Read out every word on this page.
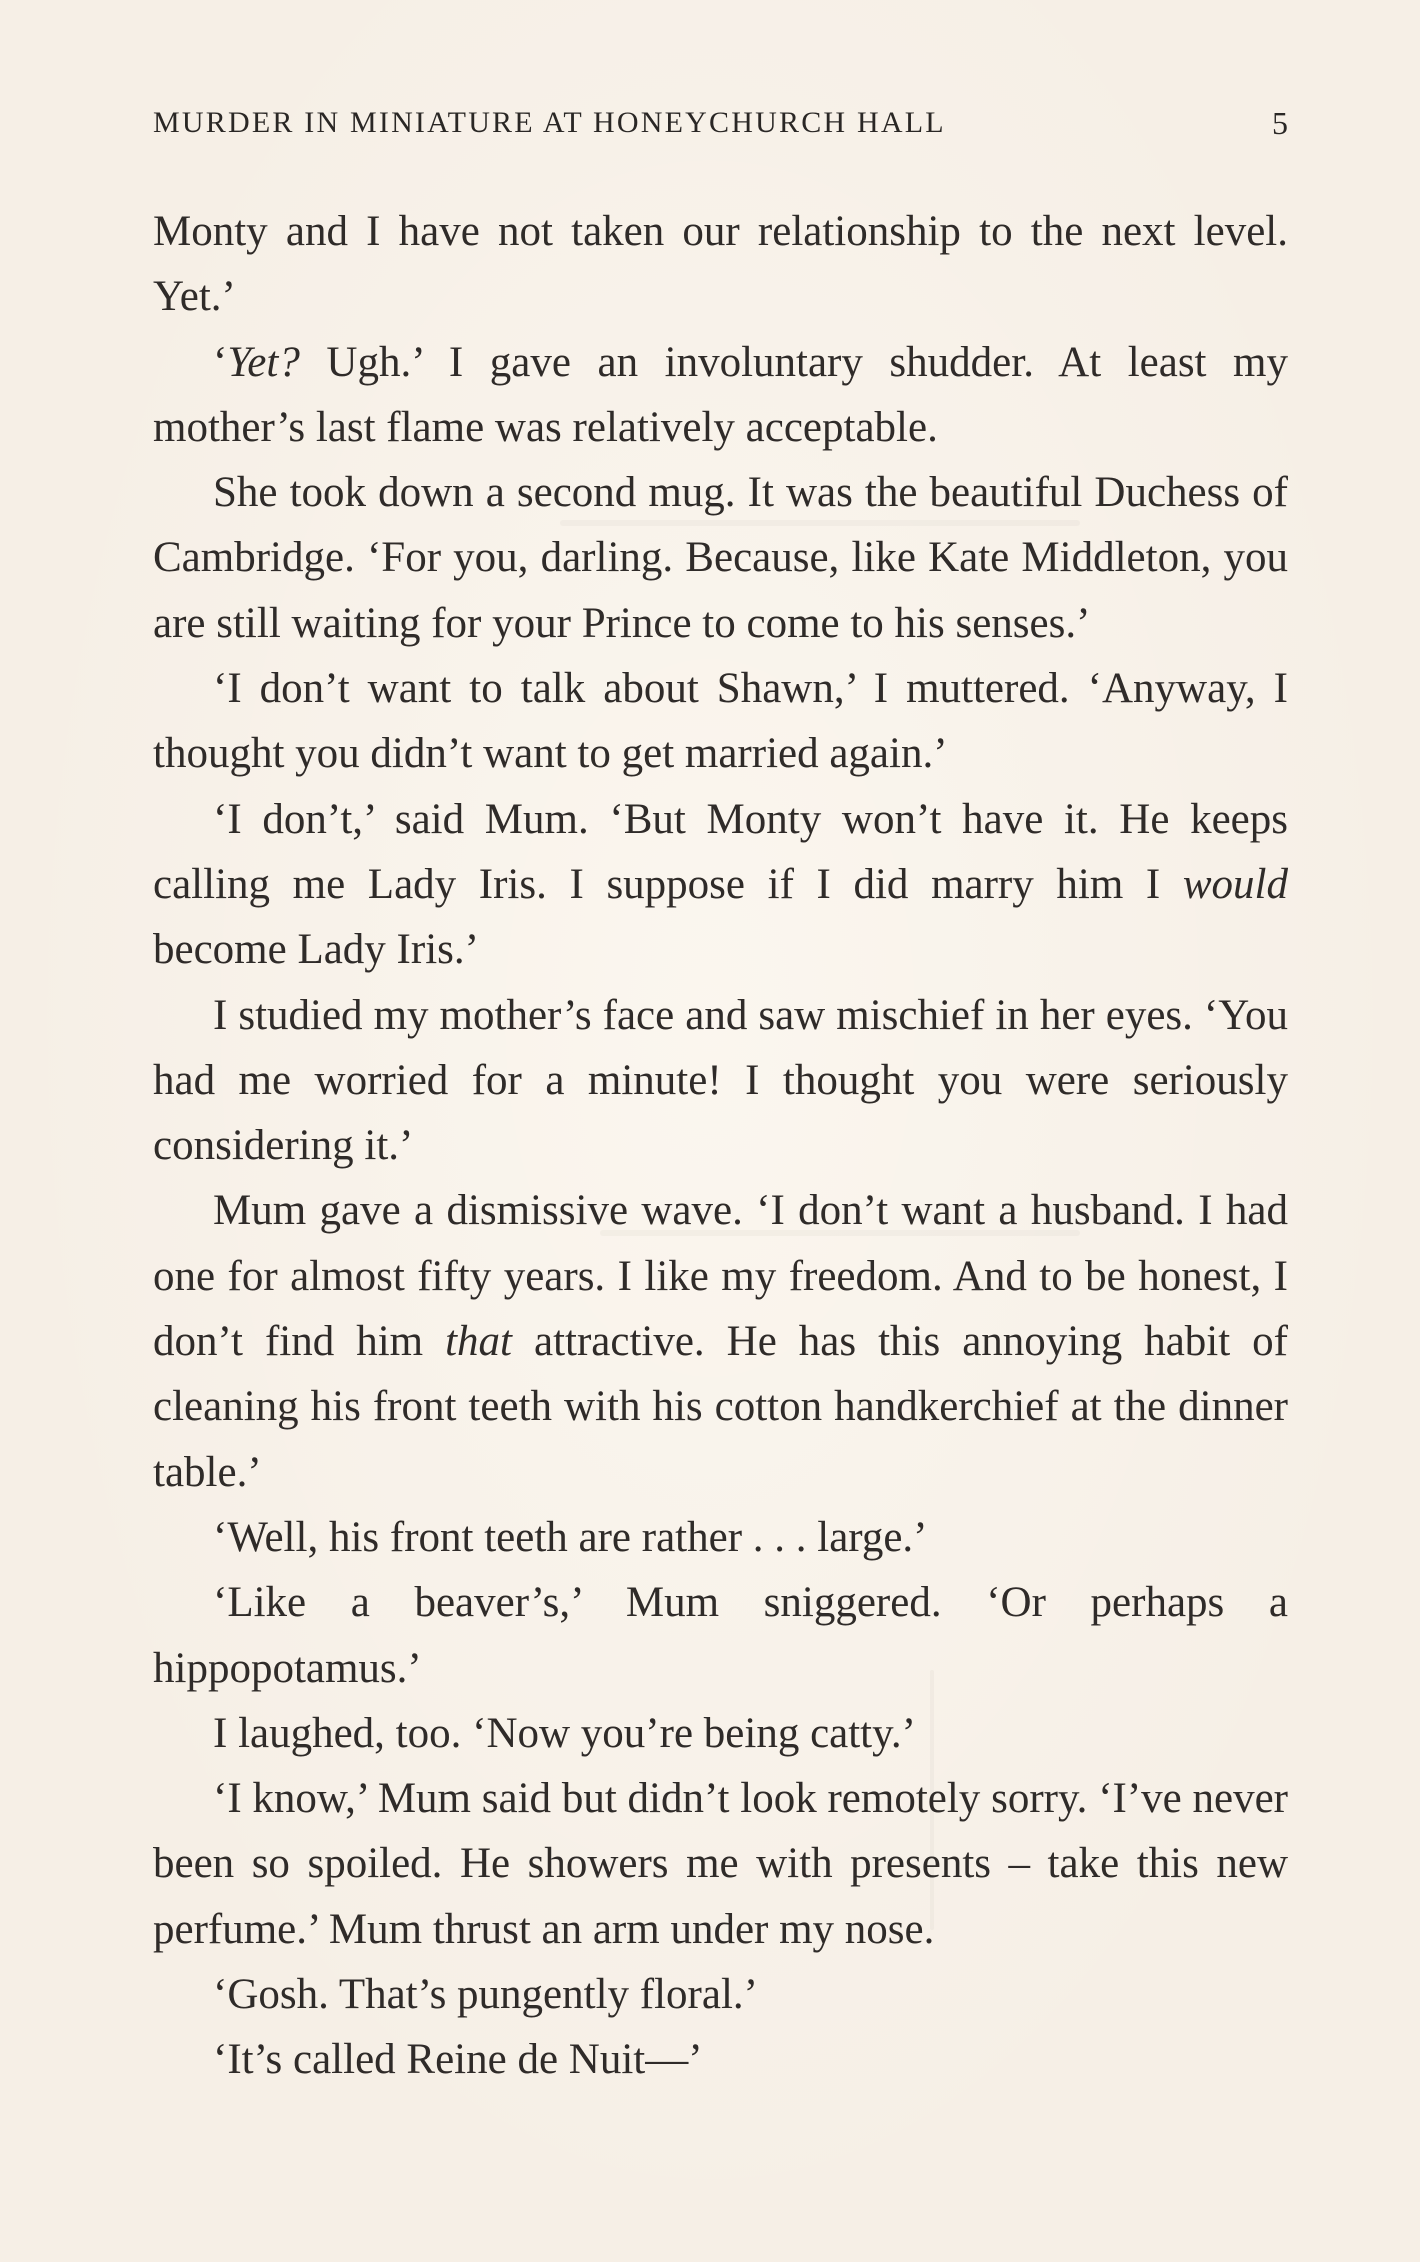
MURDER IN MINIATURE AT HONEYCHURCH HALL	5

Monty and I have not taken our relationship to the next level. Yet.’

‘Yet? Ugh.’ I gave an involuntary shudder. At least my mother’s last flame was relatively acceptable.

She took down a second mug. It was the beautiful Duchess of Cambridge. ‘For you, darling. Because, like Kate Middleton, you are still waiting for your Prince to come to his senses.’

‘I don’t want to talk about Shawn,’ I muttered. ‘Anyway, I thought you didn’t want to get married again.’

‘I don’t,’ said Mum. ‘But Monty won’t have it. He keeps calling me Lady Iris. I suppose if I did marry him I would become Lady Iris.’

I studied my mother’s face and saw mischief in her eyes. ‘You had me worried for a minute! I thought you were seriously considering it.’

Mum gave a dismissive wave. ‘I don’t want a husband. I had one for almost fifty years. I like my freedom. And to be honest, I don’t find him that attractive. He has this annoying habit of cleaning his front teeth with his cotton handkerchief at the dinner table.’

‘Well, his front teeth are rather . . . large.’

‘Like a beaver’s,’ Mum sniggered. ‘Or perhaps a hippopotamus.’

I laughed, too. ‘Now you’re being catty.’

‘I know,’ Mum said but didn’t look remotely sorry. ‘I’ve never been so spoiled. He showers me with presents – take this new perfume.’ Mum thrust an arm under my nose.

‘Gosh. That’s pungently floral.’

‘It’s called Reine de Nuit—’
